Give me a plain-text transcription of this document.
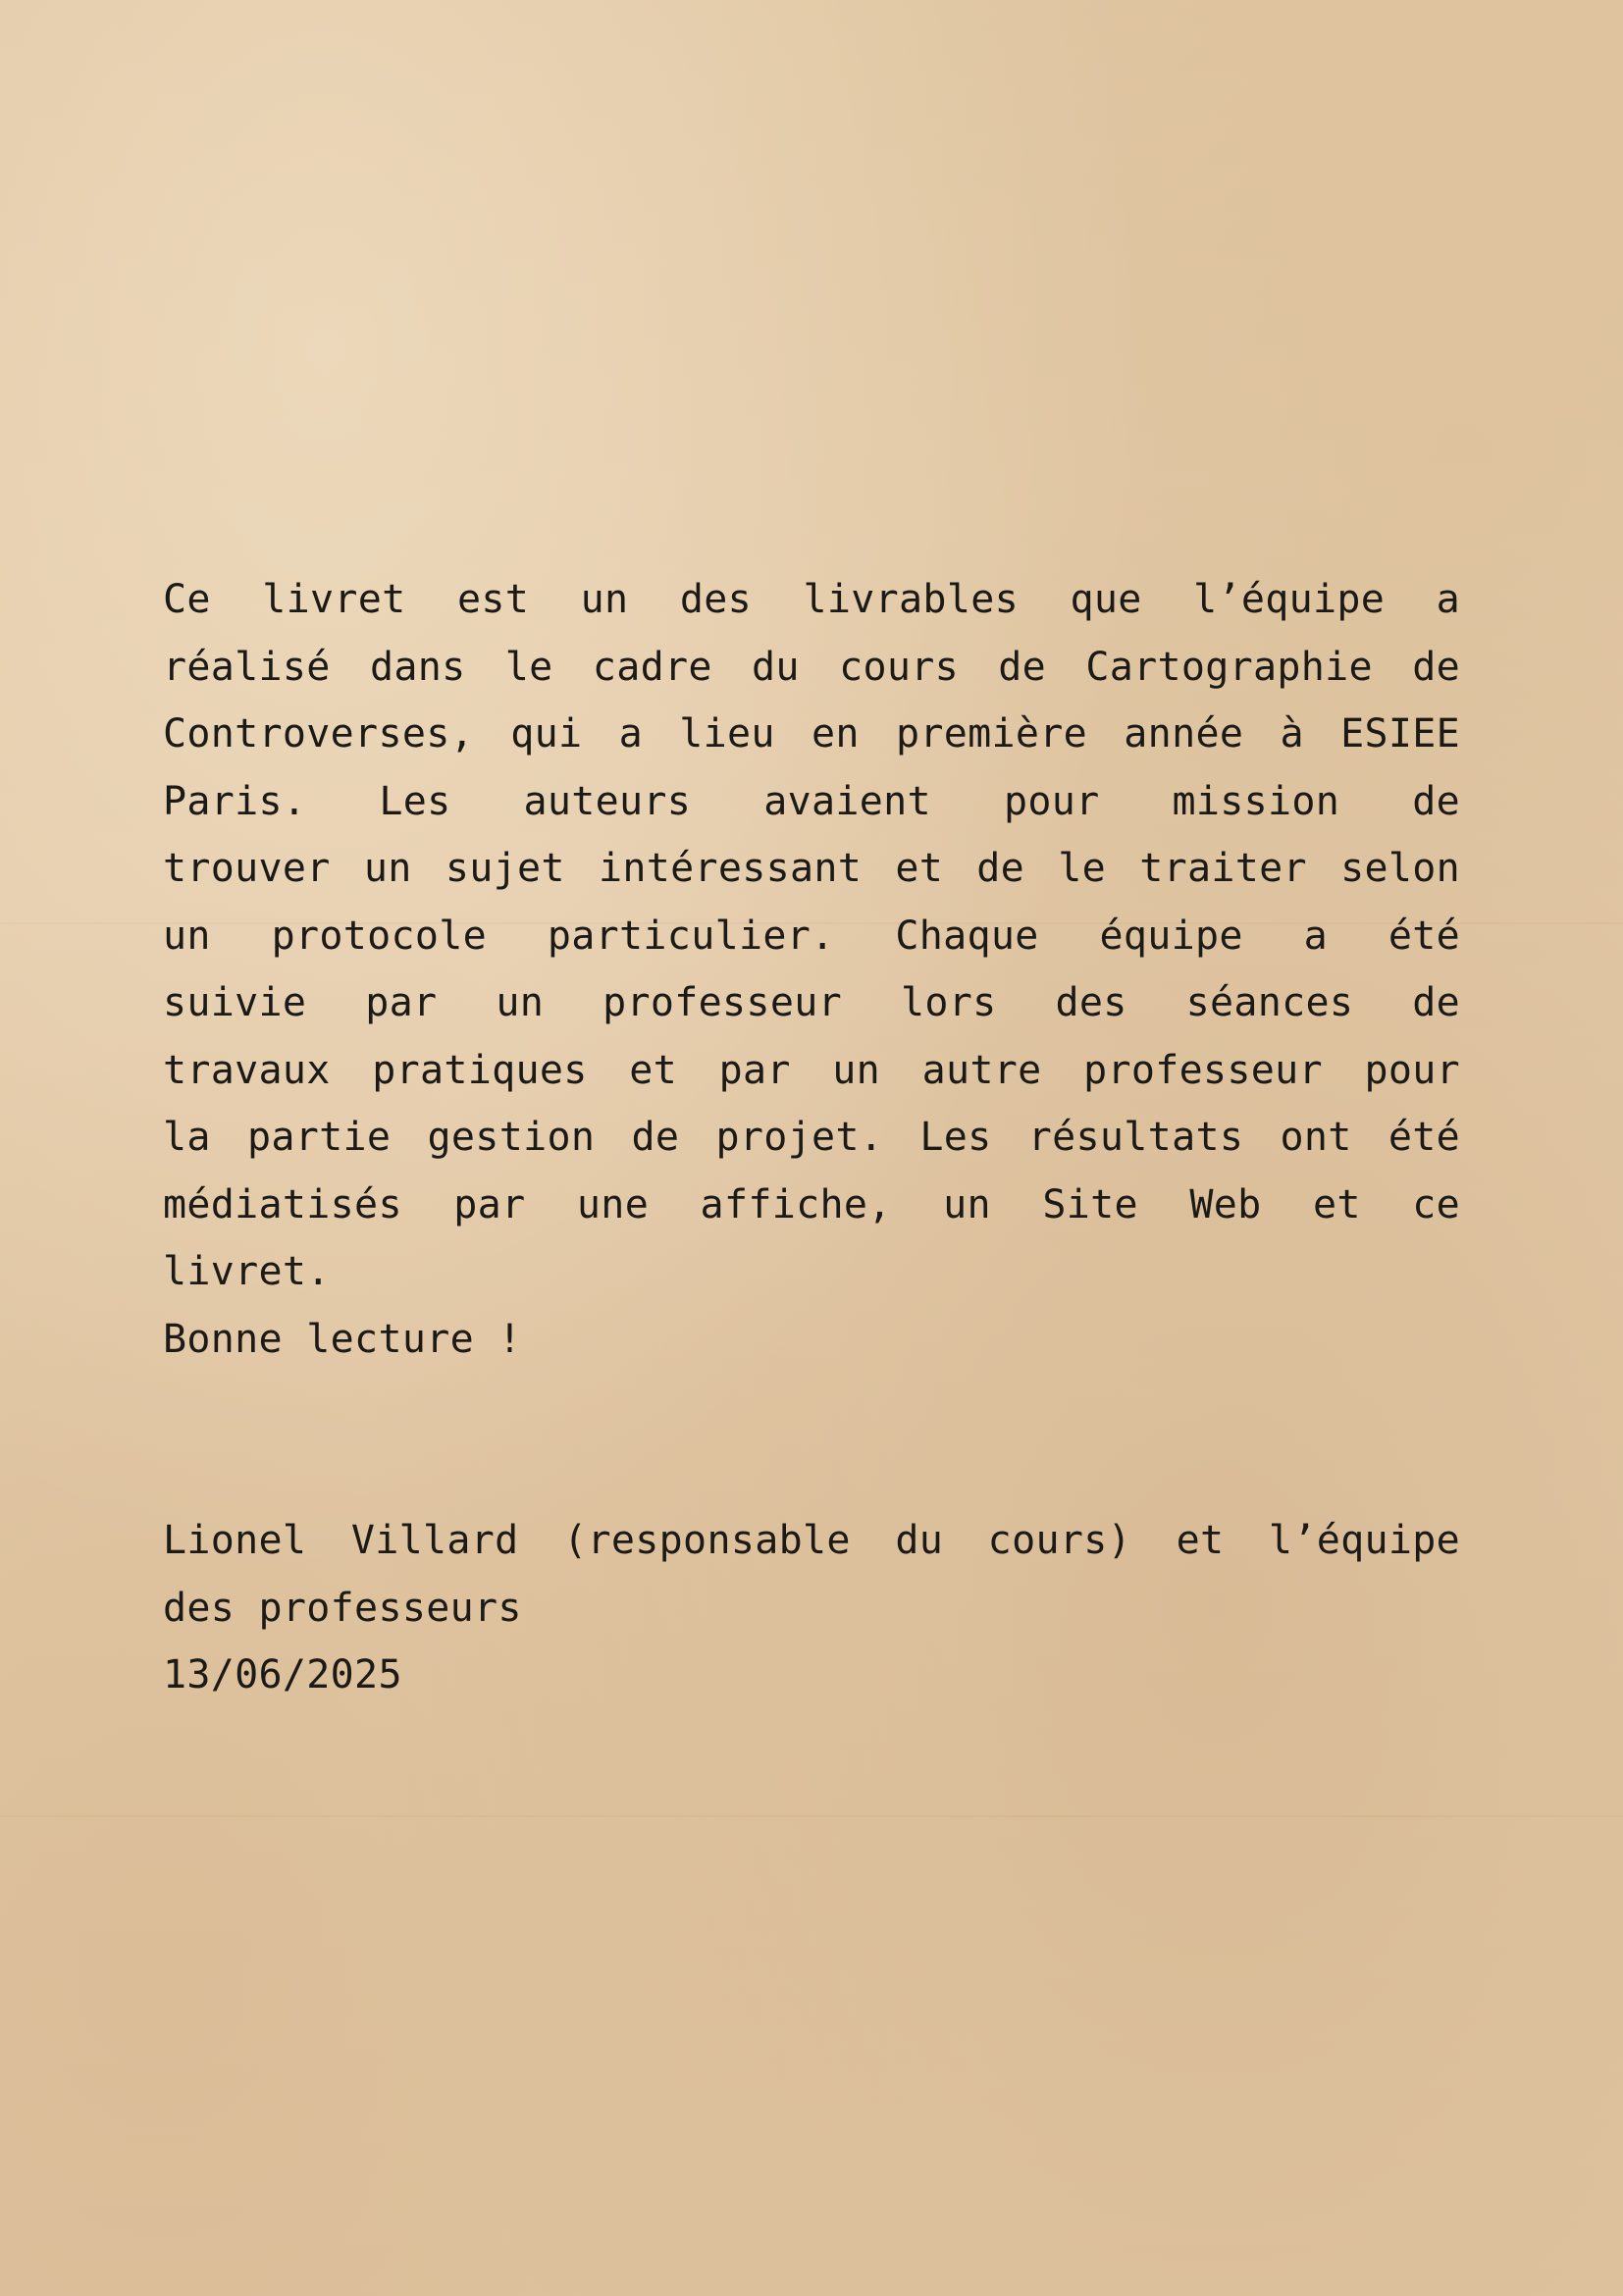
Ce livret est un des livrables que l’équipe a
réalisé dans le cadre du cours de Cartographie de
Controverses, qui a lieu en première année à ESIEE
Paris. Les auteurs avaient pour mission de
trouver un sujet intéressant et de le traiter selon
un protocole particulier. Chaque équipe a été
suivie par un professeur lors des séances de
travaux pratiques et par un autre professeur pour
la partie gestion de projet. Les résultats ont été
médiatisés par une affiche, un Site Web et ce
livret.
Bonne lecture !
Lionel Villard (responsable du cours) et l’équipe
des professeurs
13/06/2025
